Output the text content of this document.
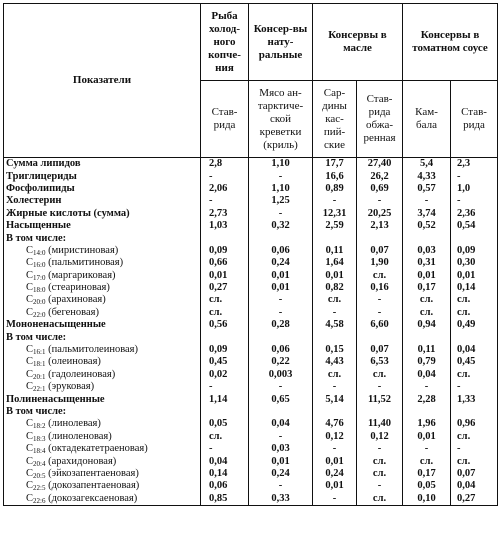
Показатели	Рыба холод-ного копче-ния	Консер-вы нату-ральные	Консервы в масле		Консервы в томатном соусе	
	Став-рида	Мясо ан-тарктиче-ской креветки (криль)	Сар-дины кас-пий-ские	Став-рида обжа-ренная	Кам-бала	Став-рида
Сумма липидов	2,8	1,10	17,7	27,40	5,4	2,3
Триглицериды	-	-	16,6	26,2	4,33	-
Фосфолипиды	2,06	1,10	0,89	0,69	0,57	1,0
Холестерин	-	1,25	-	-	-	-
Жирные кислоты (сумма)	2,73	-	12,31	20,25	3,74	2,36
Насыщенные	1,03	0,32	2,59	2,13	0,52	0,54
В том числе:						
$C_{14:0}$ (миристиновая)	0,09	0,06	0,11	0,07	0,03	0,09
$C_{16:0}$ (пальмитиновая)	0,66	0,24	1,64	1,90	0,31	0,30
$C_{17:0}$ (маргариковая)	0,01	0,01	0,01	сл.	0,01	0,01
$C_{18:0}$ (стеариновая)	0,27	0,01	0,82	0,16	0,17	0,14
$C_{20:0}$ (арахиновая)	сл.	-	сл.	-	сл.	сл.
$C_{22:0}$ (бегеновая)	сл.	-	-	-	сл.	сл.
Мононенасыщенные	0,56	0,28	4,58	6,60	0,94	0,49
В том числе:						
$C_{16:1}$ (пальмитолеиновая)	0,09	0,06	0,15	0,07	0,11	0,04
$C_{18:1}$ (олеиновая)	0,45	0,22	4,43	6,53	0,79	0,45
$C_{20:1}$ (гадолеиновая)	0,02	0,003	сл.	сл.	0,04	сл.
$C_{22:1}$ (эруковая)	-	-	-	-	-	-
Полиненасыщенные	1,14	0,65	5,14	11,52	2,28	1,33
В том числе:						
$C_{18:2}$ (линолевая)	0,05	0,04	4,76	11,40	1,96	0,96
$C_{18:3}$ (линоленовая)	сл.	-	0,12	0,12	0,01	сл.
$C_{18:4}$ (октадекатетраеновая)	-	0,03	-	-	-	-
$C_{20:4}$ (арахидоновая)	0,04	0,01	0,01	сл.	сл.	сл.
$C_{20:5}$ (эйкозапентаеновая)	0,14	0,24	0,24	сл.	0,17	0,07
$C_{22:5}$ (докозапентаеновая)	0,06	-	0,01	-	0,05	0,04
$C_{22:6}$ (докозагексаеновая)	0,85	0,33	-	сл.	0,10	0,27
